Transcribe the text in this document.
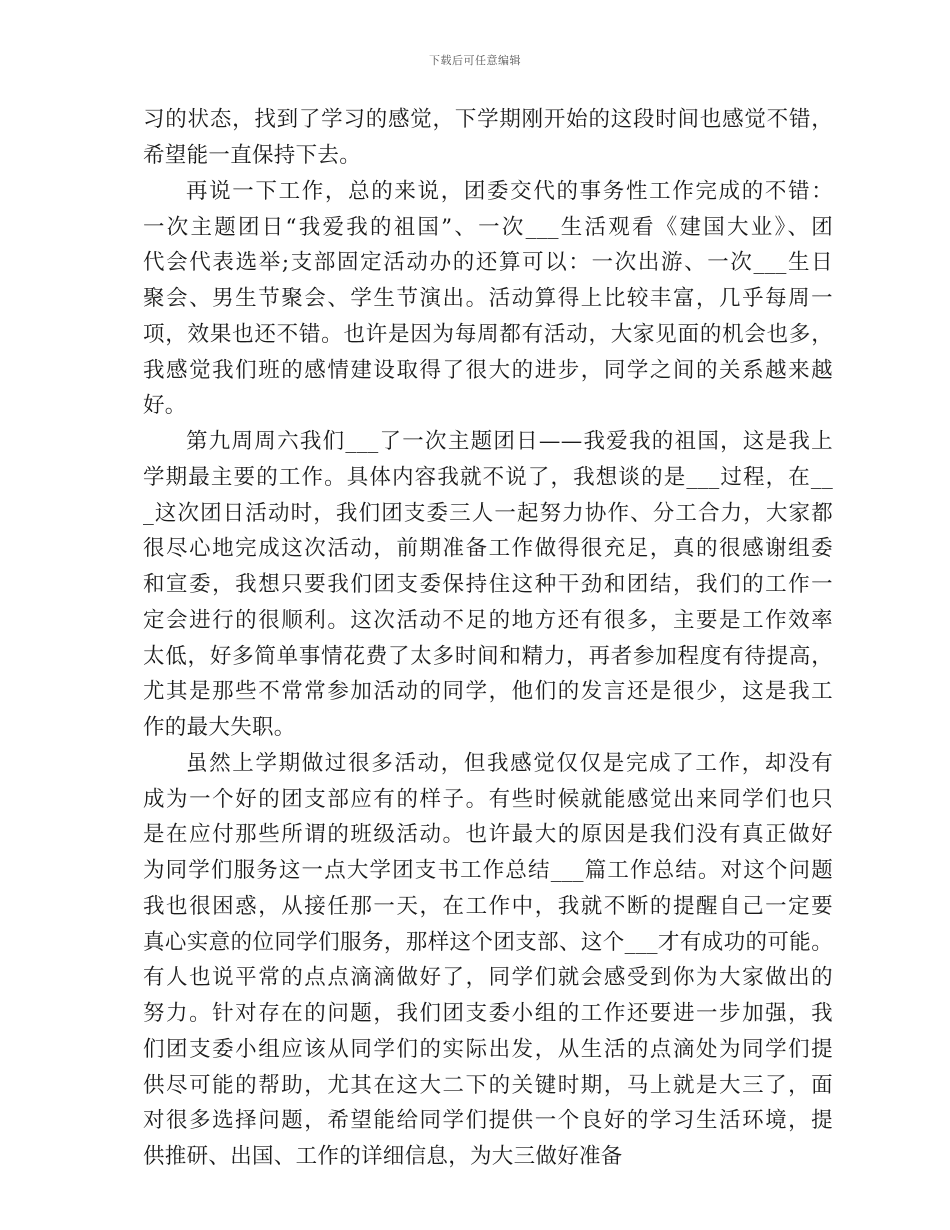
下载后可任意编辑
习的状态，找到了学习的感觉，下学期刚开始的这段时间也感觉不错，
希望能一直保持下去。
再说一下工作，总的来说，团委交代的事务性工作完成的不错：
一次主题团日“我爱我的祖国”、一次___生活观看《建国大业》、团
代会代表选举;支部固定活动办的还算可以：一次出游、一次___生日
聚会、男生节聚会、学生节演出。活动算得上比较丰富，几乎每周一
项，效果也还不错。也许是因为每周都有活动，大家见面的机会也多，
我感觉我们班的感情建设取得了很大的进步，同学之间的关系越来越
好。
第九周周六我们___了一次主题团日——我爱我的祖国，这是我上
学期最主要的工作。具体内容我就不说了，我想谈的是___过程，在__
_这次团日活动时，我们团支委三人一起努力协作、分工合力，大家都
很尽心地完成这次活动，前期准备工作做得很充足，真的很感谢组委
和宣委，我想只要我们团支委保持住这种干劲和团结，我们的工作一
定会进行的很顺利。这次活动不足的地方还有很多，主要是工作效率
太低，好多简单事情花费了太多时间和精力，再者参加程度有待提高，
尤其是那些不常常参加活动的同学，他们的发言还是很少，这是我工
作的最大失职。
虽然上学期做过很多活动，但我感觉仅仅是完成了工作，却没有
成为一个好的团支部应有的样子。有些时候就能感觉出来同学们也只
是在应付那些所谓的班级活动。也许最大的原因是我们没有真正做好
为同学们服务这一点大学团支书工作总结___篇工作总结。对这个问题
我也很困惑，从接任那一天，在工作中，我就不断的提醒自己一定要
真心实意的位同学们服务，那样这个团支部、这个___才有成功的可能。
有人也说平常的点点滴滴做好了，同学们就会感受到你为大家做出的
努力。针对存在的问题，我们团支委小组的工作还要进一步加强，我
们团支委小组应该从同学们的实际出发，从生活的点滴处为同学们提
供尽可能的帮助，尤其在这大二下的关键时期，马上就是大三了，面
对很多选择问题，希望能给同学们提供一个良好的学习生活环境，提
供推研、出国、工作的详细信息，为大三做好准备
